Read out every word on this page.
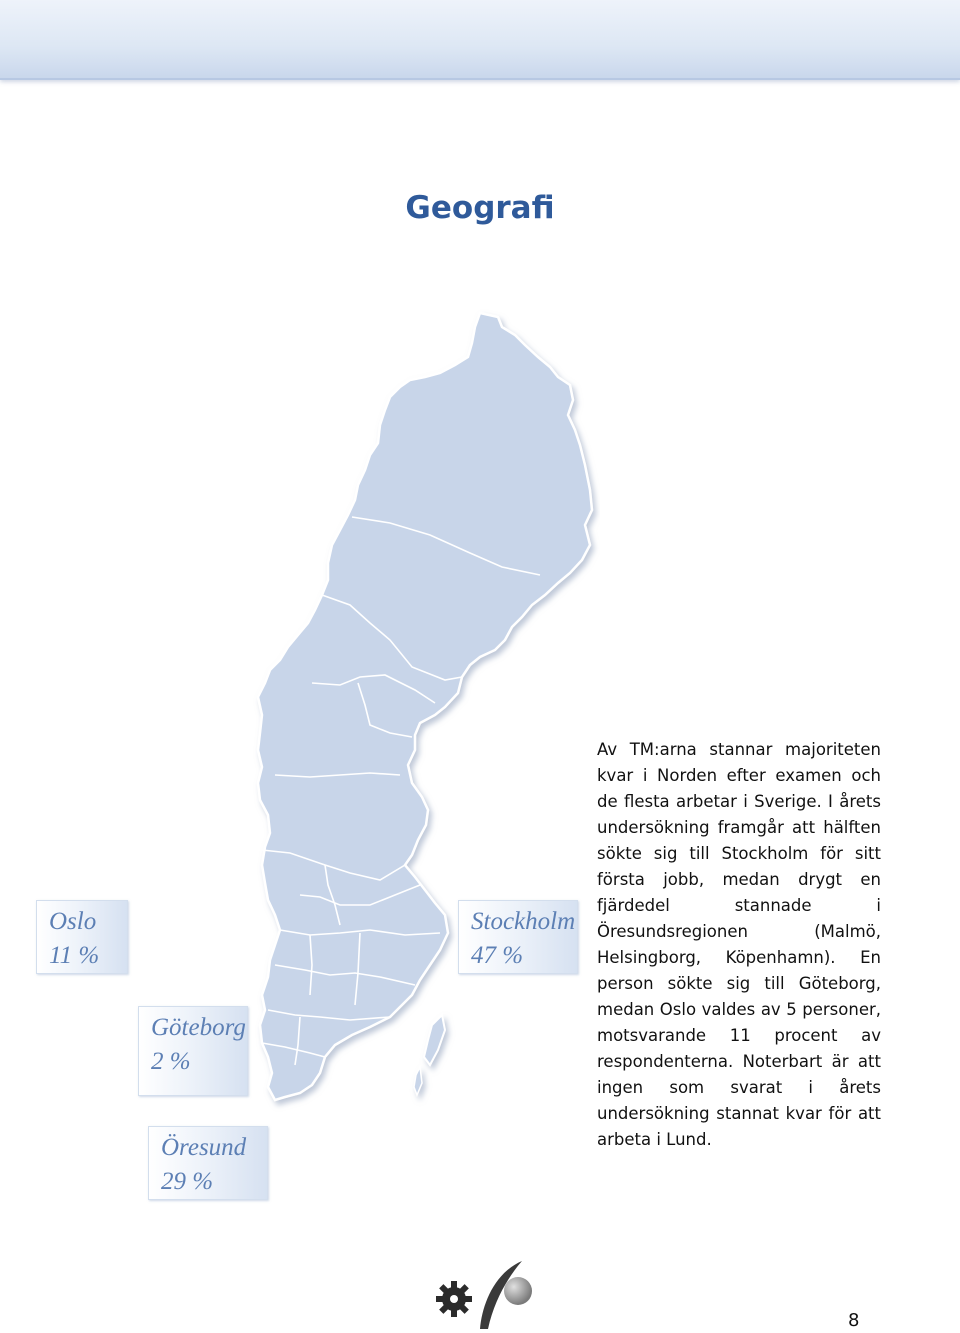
Geografi
Oslo
11 %
Göteborg
2 %
Öresund
29 %
Stockholm
47 %
Av TM:arna stannar majoriteten kvar i Norden efter examen och de flesta arbetar i Sverige. I årets undersökning framgår att hälften sökte sig till Stockholm för sitt första jobb, medan drygt en fjärdedel stannade i Öresundsregionen (Malmö, Helsingborg, Köpenhamn). En person sökte sig till Göteborg, medan Oslo valdes av 5 personer, motsvarande 11 procent av respondenterna. Noterbart är att ingen som svarat i årets undersökning stannat kvar för att arbeta i Lund.
8
